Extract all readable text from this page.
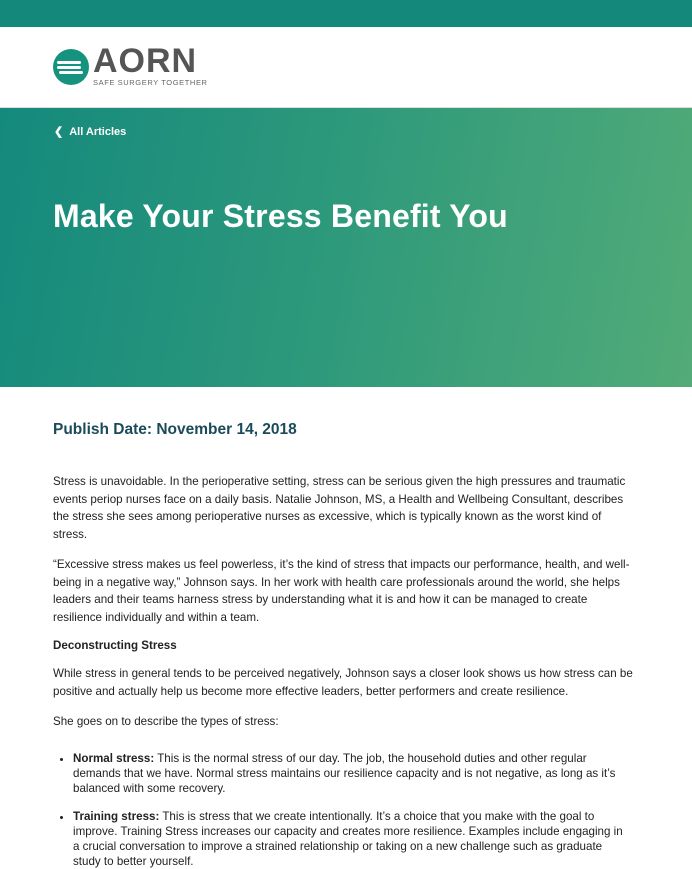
AORN
SAFE SURGERY TOGETHER
❮ All Articles
Make Your Stress Benefit You
Publish Date: November 14, 2018

Stress is unavoidable. In the perioperative setting, stress can be serious given the high pressures and traumatic events periop nurses face on a daily basis. Natalie Johnson, MS, a Health and Wellbeing Consultant, describes the stress she sees among perioperative nurses as excessive, which is typically known as the worst kind of stress.

“Excessive stress makes us feel powerless, it’s the kind of stress that impacts our performance, health, and well-being in a negative way,” Johnson says. In her work with health care professionals around the world, she helps leaders and their teams harness stress by understanding what it is and how it can be managed to create resilience individually and within a team.

Deconstructing Stress

While stress in general tends to be perceived negatively, Johnson says a closer look shows us how stress can be positive and actually help us become more effective leaders, better performers and create resilience.

She goes on to describe the types of stress:

• Normal stress: This is the normal stress of our day. The job, the household duties and other regular demands that we have. Normal stress maintains our resilience capacity and is not negative, as long as it’s balanced with some recovery.
• Training stress: This is stress that we create intentionally. It’s a choice that you make with the goal to improve. Training Stress increases our capacity and creates more resilience. Examples include engaging in a crucial conversation to improve a strained relationship or taking on a new challenge such as graduate study to better yourself.
